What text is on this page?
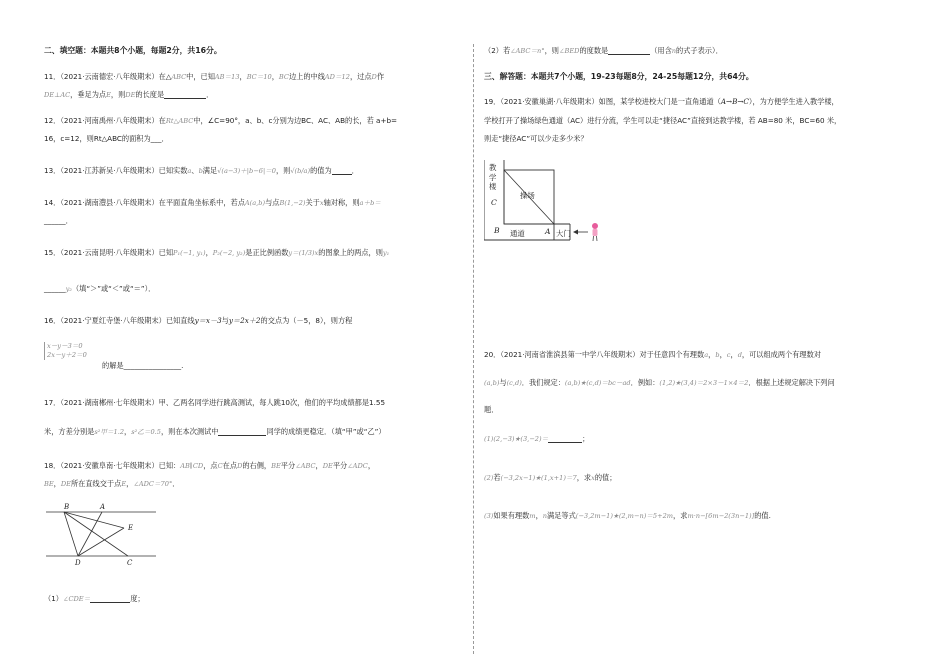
二、填空题：本题共8个小题，每题2分，共16分。
11．（2021·云南德宏·八年级期末）在△ABC中，已知AB＝13，BC＝10，BC边上的中线AD＝12，过点D作
DE⊥AC，垂足为点E，则DE的长度是	．
12．（2021·河南禹州·八年级期末）在Rt△ABC中，∠C=90°，a、b、c分别为边BC、AC、AB的长，若 a+b=
16，c=12，则Rt△ABC的面积为___．
13．（2021·江苏新吴·八年级期末）已知实数a、b满足√(a−3)＋|b−6|＝0，则√(b/a)的值为	．
14．（2021·湖南澧县·八年级期末）在平面直角坐标系中，若点A(a,b)与点B(1,−2)关于x轴对称，则a＋b＝
______．
15．（2021·云南昆明·八年级期末）已知P₁(−1, y₁)，P₂(−2, y₂)是正比例函数y＝(1/3)x的图象上的两点，则y₁
______y₂（填“＞”或“＜”或“＝”）．
16．（2021·宁夏红寺堡·八年级期末）已知直线y＝x－3与y＝2x＋2的交点为（－5，8），则方程
x－y－3＝0
2x－y＋2＝0
的解是________________.
17．（2021·湖南郴州·七年级期末）甲、乙两名同学进行跳高测试，每人跳10次，他们的平均成绩都是1.55
米，方差分别是s²甲＝1.2，s²乙＝0.5，则在本次测试中	同学的成绩更稳定．（填“甲”或“乙”）
18．（2021·安徽阜南·七年级期末）已知：AB∥CD，点C在点D的右侧，BE平分∠ABC，DE平分∠ADC，
BE，DE所在直线交于点E，∠ADC＝70°．
B	A
E
D	C
（1）∠CDE＝	度；
（2）若∠ABC＝n°，则∠BED的度数是	（用含n的式子表示）．
三、解答题：本题共7个小题，19-23每题8分，24-25每题12分，共64分。
19．（2021·安徽巢湖·八年级期末）如图，某学校进校大门是一直角通道（A→B→C），为方便学生进入教学楼，
学校打开了操场绿色通道（AC）进行分流，学生可以走“捷径AC”直接到达教学楼，若 AB=80 米，BC=60 米，
则走“捷径AC”可以少走多少米？
教
学
楼
C
操场
B 通道	A 大门
20．（2021·河南省淮滨县第一中学八年级期末）对于任意四个有理数a，b，c，d，可以组成两个有理数对
(a,b)与(c,d)．我们规定：(a,b)★(c,d)＝bc－ad．例如：(1,2)★(3,4)＝2×3－1×4＝2．根据上述规定解决下列问
题．
(1)(2,−3)★(3,−2)＝	；
(2)若(−3,2x−1)★(1,x+1)＝7，求x的值；
(3)如果有理数m，n满足等式(−3,2m−1)★(2,m−n)＝5+2m，求m·n−[6m−2(3n−1)]的值.
